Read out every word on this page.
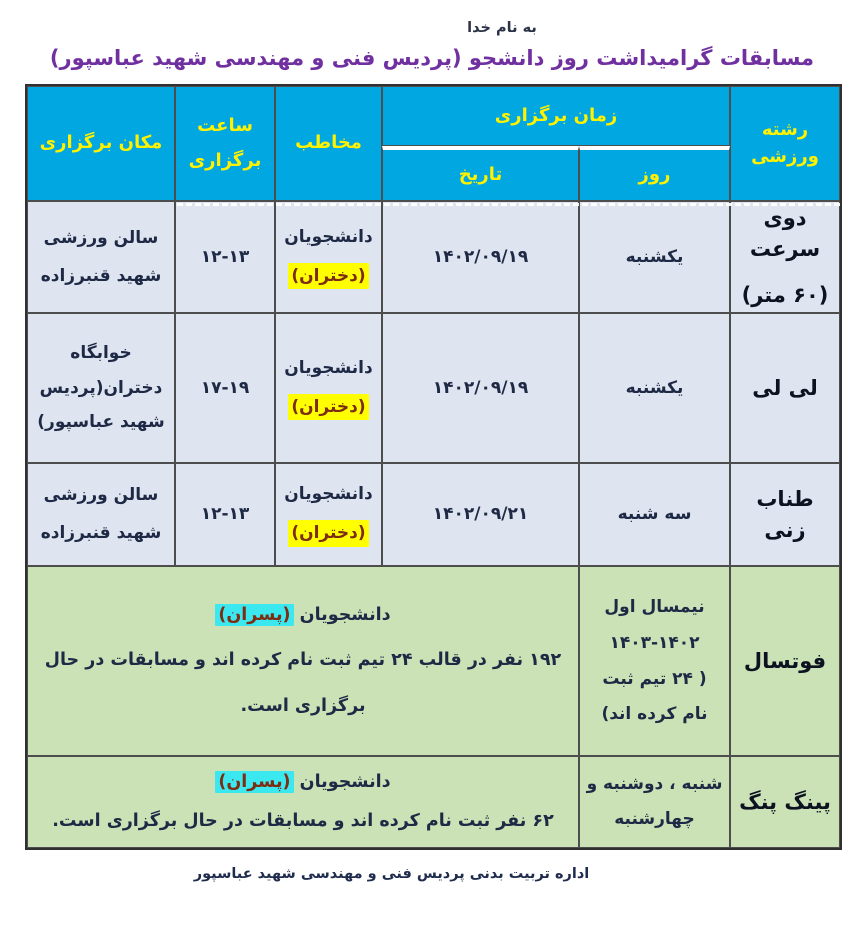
به نام خدا
مسابقات گرامیداشت روز دانشجو (پردیس فنی و مهندسی شهید عباسپور)
رشته ورزشی
زمان برگزاری
روز
تاریخ
مخاطب
ساعت
برگزاری
مکان برگزاری
دوی سرعت
(۶۰ متر)
یکشنبه
۱۴۰۲/۰۹/۱۹
دانشجویان
(دختران)
۱۲-۱۳
سالن ورزشی
شهید قنبرزاده
لی لی
یکشنبه
۱۴۰۲/۰۹/۱۹
دانشجویان
(دختران)
۱۷-۱۹
خوابگاه
دختران(پردیس
شهید عباسپور)
طناب زنی
سه شنبه
۱۴۰۲/۰۹/۲۱
دانشجویان
(دختران)
۱۲-۱۳
سالن ورزشی
شهید قنبرزاده
فوتسال
نیمسال اول
۱۴۰۳-۱۴۰۲
( ۲۴ تیم ثبت
نام کرده اند)
دانشجویان (پسران)
۱۹۲ نفر در قالب ۲۴ تیم ثبت نام کرده اند و مسابقات در حال
برگزاری است.
پینگ پنگ
شنبه ، دوشنبه و
چهارشنبه
دانشجویان (پسران)
۶۲ نفر ثبت نام کرده اند و مسابقات در حال برگزاری است.
اداره تربیت بدنی پردیس فنی و مهندسی شهید عباسپور
